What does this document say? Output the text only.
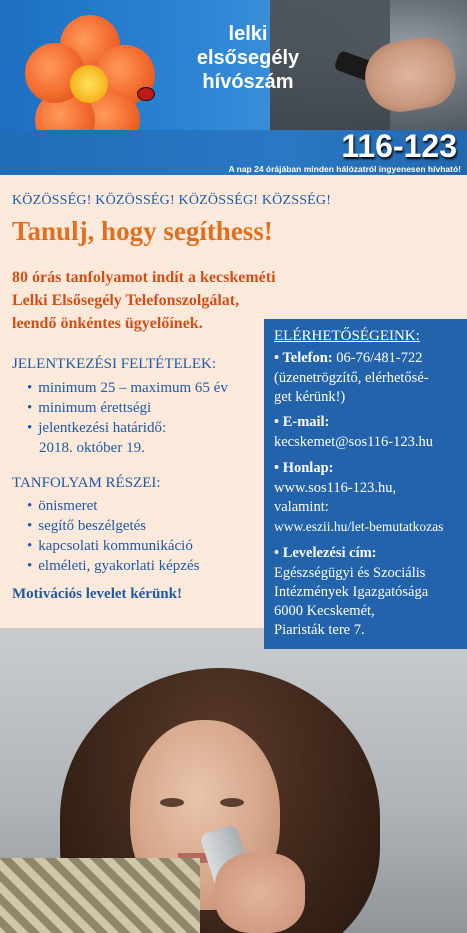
lelki elsősegély
hívószám
116-123
A nap 24 órájában minden hálózatról ingyenesen hívható!
KÖZÖSSÉG! KÖZÖSSÉG! KÖZÖSSÉG! KÖZSSÉG!
Tanulj, hogy segíthess!
80 órás tanfolyamot indít a kecskeméti
Lelki Elsősegély Telefonszolgálat,
leendő önkéntes ügyelőínek.
JELENTKEZÉSI FELTÉTELEK:
• minimum 25 – maximum 65 év
• minimum érettségi
• jelentkezési határidő:
2018. október 19.
TANFOLYAM RÉSZEI:
• önismeret
• segítő beszélgetés
• kapcsolati kommunikáció
• elméleti, gyakorlati képzés
Motivációs levelet kérünk!
ELÉRHETŐSÉGEINK:
• Telefon: 06-76/481-722
(üzenetrögzítő, elérhetősé-
get kérünk!)
• E-mail:
kecskemet@sos116-123.hu
• Honlap:
www.sos116-123.hu,
valamint:
www.eszii.hu/let-bemutatkozas
• Levelezési cím:
Egészségügyi és Szociális
Intézmények Igazgatósága
6000 Kecskemét,
Piaristák tere 7.
